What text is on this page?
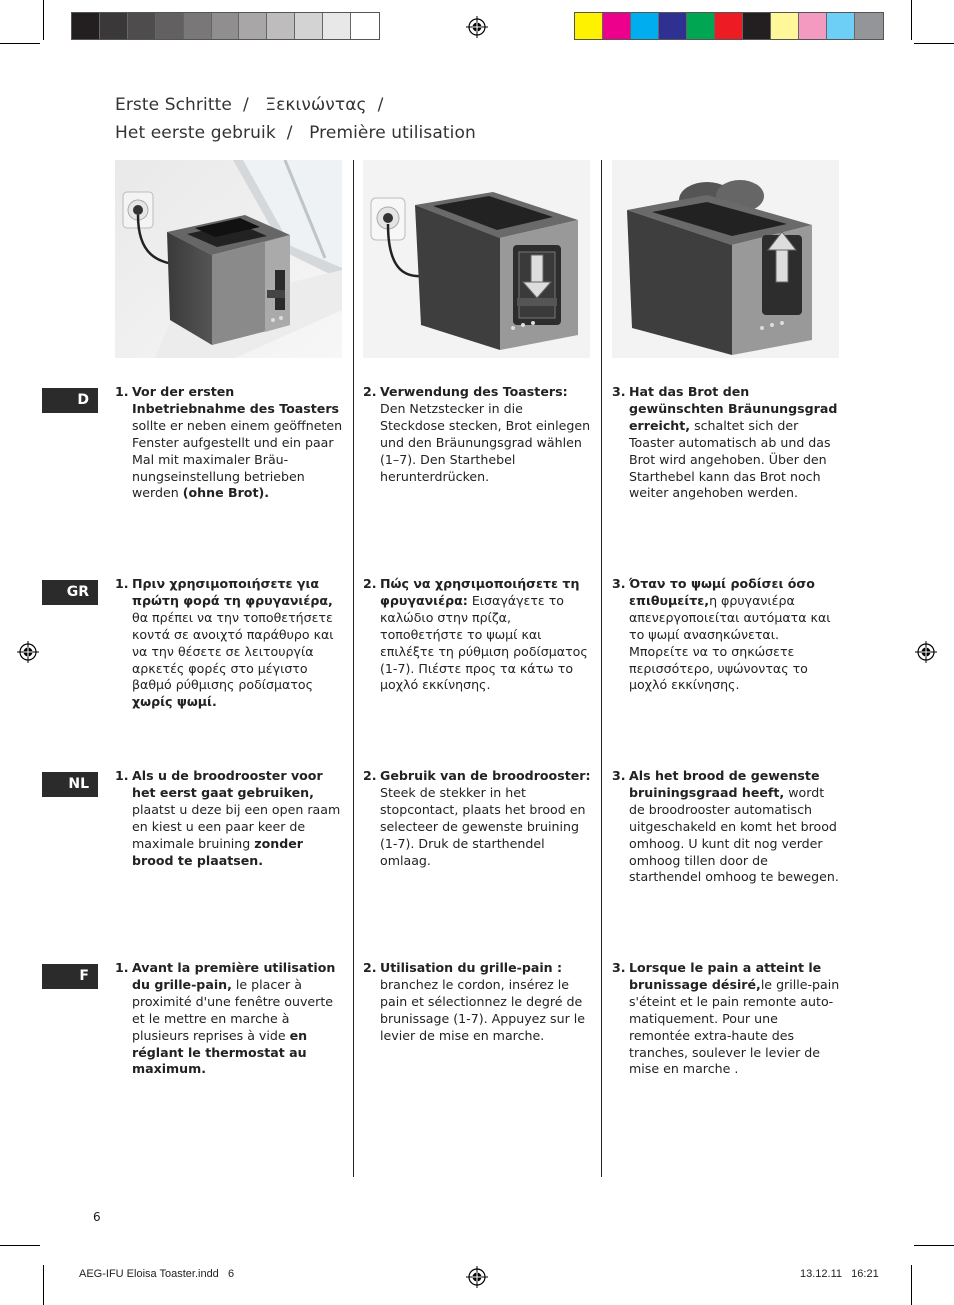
Erste Schritte  /   Ξεκινώντας  /
Het eerste gebruik  /   Première utilisation
D
1. Vor der ersten Inbetriebnahme des Toasters sollte er neben einem geöffneten Fenster aufgestellt und ein paar Mal mit maximaler Bräunungseinstellung betrieben werden (ohne Brot).
2. Verwendung des Toasters: Den Netzstecker in die Steckdose stecken, Brot einlegen und den Bräunungsgrad wählen (1–7). Den Starthebel herunterdrücken.
3. Hat das Brot den gewünschten Bräunungsgrad erreicht, schaltet sich der Toaster automatisch ab und das Brot wird angehoben. Über den Starthebel kann das Brot noch weiter angehoben werden.
GR
1. Πριν χρησιμοποιήσετε για πρώτη φορά τη φρυγανιέρα, θα πρέπει να την τοποθετήσετε κοντά σε ανοιχτό παράθυρο και να την θέσετε σε λειτουργία αρκετές φορές στο μέγιστο βαθμό ρύθμισης ροδίσματος χωρίς ψωμί.
2. Πώς να χρησιμοποιήσετε τη φρυγανιέρα: Εισαγάγετε το καλώδιο στην πρίζα, τοποθετήστε το ψωμί και επιλέξτε τη ρύθμιση ροδίσματος (1-7). Πιέστε προς τα κάτω το μοχλό εκκίνησης.
3. Όταν το ψωμί ροδίσει όσο επιθυμείτε,η φρυγανιέρα απενεργοποιείται αυτόματα και το ψωμί ανασηκώνεται. Μπορείτε να το σηκώσετε περισσότερο, υψώνοντας το μοχλό εκκίνησης.
NL
1. Als u de broodrooster voor het eerst gaat gebruiken, plaatst u deze bij een open raam en kiest u een paar keer de maximale bruining zonder brood te plaatsen.
2. Gebruik van de broodrooster: Steek de stekker in het stopcontact, plaats het brood en selecteer de gewenste bruining (1-7). Druk de starthendel omlaag.
3. Als het brood de gewenste bruiningsgraad heeft, wordt de broodrooster automatisch uitgeschakeld en komt het brood omhoog. U kunt dit nog verder omhoog tillen door de starthendel omhoog te bewegen.
F
1. Avant la première utilisation du grille-pain, le placer à proximité d'une fenêtre ouverte et le mettre en marche à plusieurs reprises à vide en réglant le thermostat au maximum.
2. Utilisation du grille-pain : branchez le cordon, insérez le pain et sélectionnez le degré de brunissage (1-7). Appuyez sur le levier de mise en marche.
3. Lorsque le pain a atteint le brunissage désiré,le grille-pain s'éteint et le pain remonte automatiquement. Pour une remontée extra-haute des tranches, soulever le levier de mise en marche .
6
AEG-IFU Eloisa Toaster.indd   6	13.12.11   16:21
